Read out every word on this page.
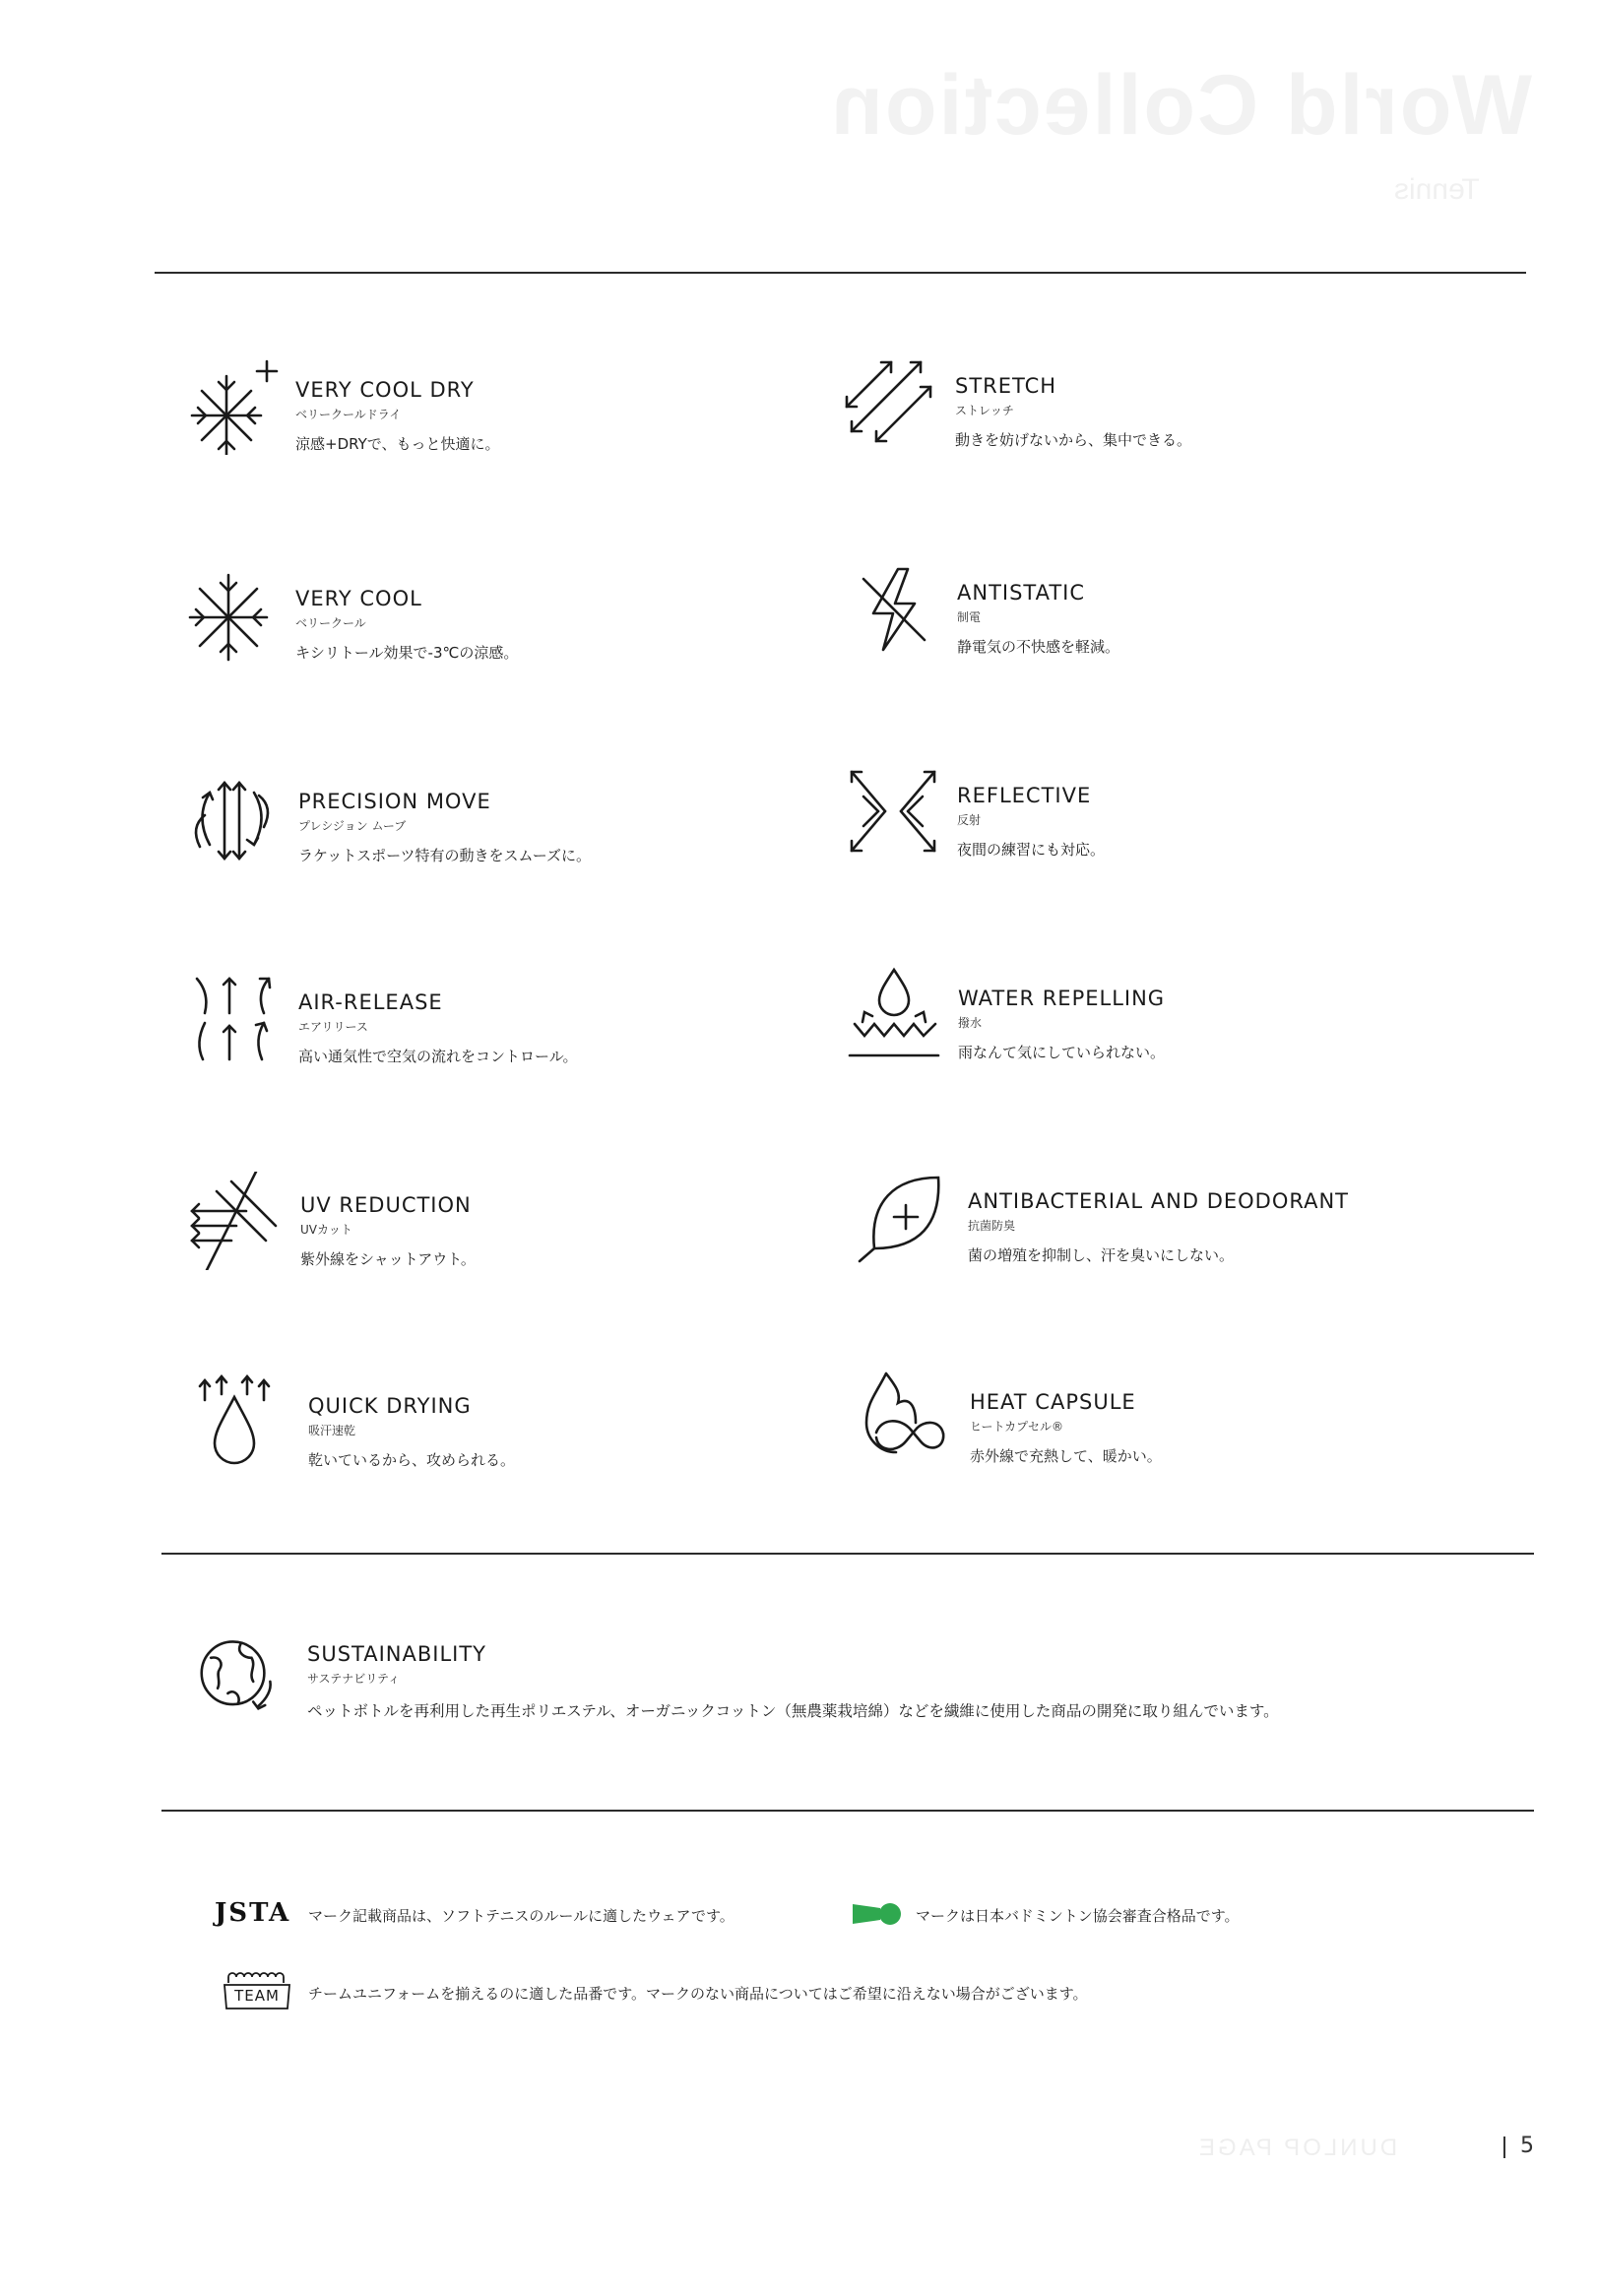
World Collection
Tennis
VERY COOL DRY
ベリークールドライ
涼感+DRYで、もっと快適に。
STRETCH
ストレッチ
動きを妨げないから、集中できる。
VERY COOL
ベリークール
キシリトール効果で-3℃の涼感。
ANTISTATIC
制電
静電気の不快感を軽減。
PRECISION MOVE
プレシジョン ムーブ
ラケットスポーツ特有の動きをスムーズに。
REFLECTIVE
反射
夜間の練習にも対応。
AIR-RELEASE
エアリリース
高い通気性で空気の流れをコントロール。
WATER REPELLING
撥水
雨なんて気にしていられない。
UV REDUCTION
UVカット
紫外線をシャットアウト。
ANTIBACTERIAL AND DEODORANT
抗菌防臭
菌の増殖を抑制し、汗を臭いにしない。
QUICK DRYING
吸汗速乾
乾いているから、攻められる。
HEAT CAPSULE
ヒートカプセル®
赤外線で充熱して、暖かい。
SUSTAINABILITY
サステナビリティ
ペットボトルを再利用した再生ポリエステル、オーガニックコットン（無農薬栽培綿）などを繊維に使用した商品の開発に取り組んでいます。
JSTA マーク記載商品は、ソフトテニスのルールに適したウェアです。	マークは日本バドミントン協会審査合格品です。
TEAM	チームユニフォームを揃えるのに適した品番です。マークのない商品についてはご希望に沿えない場合がございます。
DUNLOP PAGE	5
